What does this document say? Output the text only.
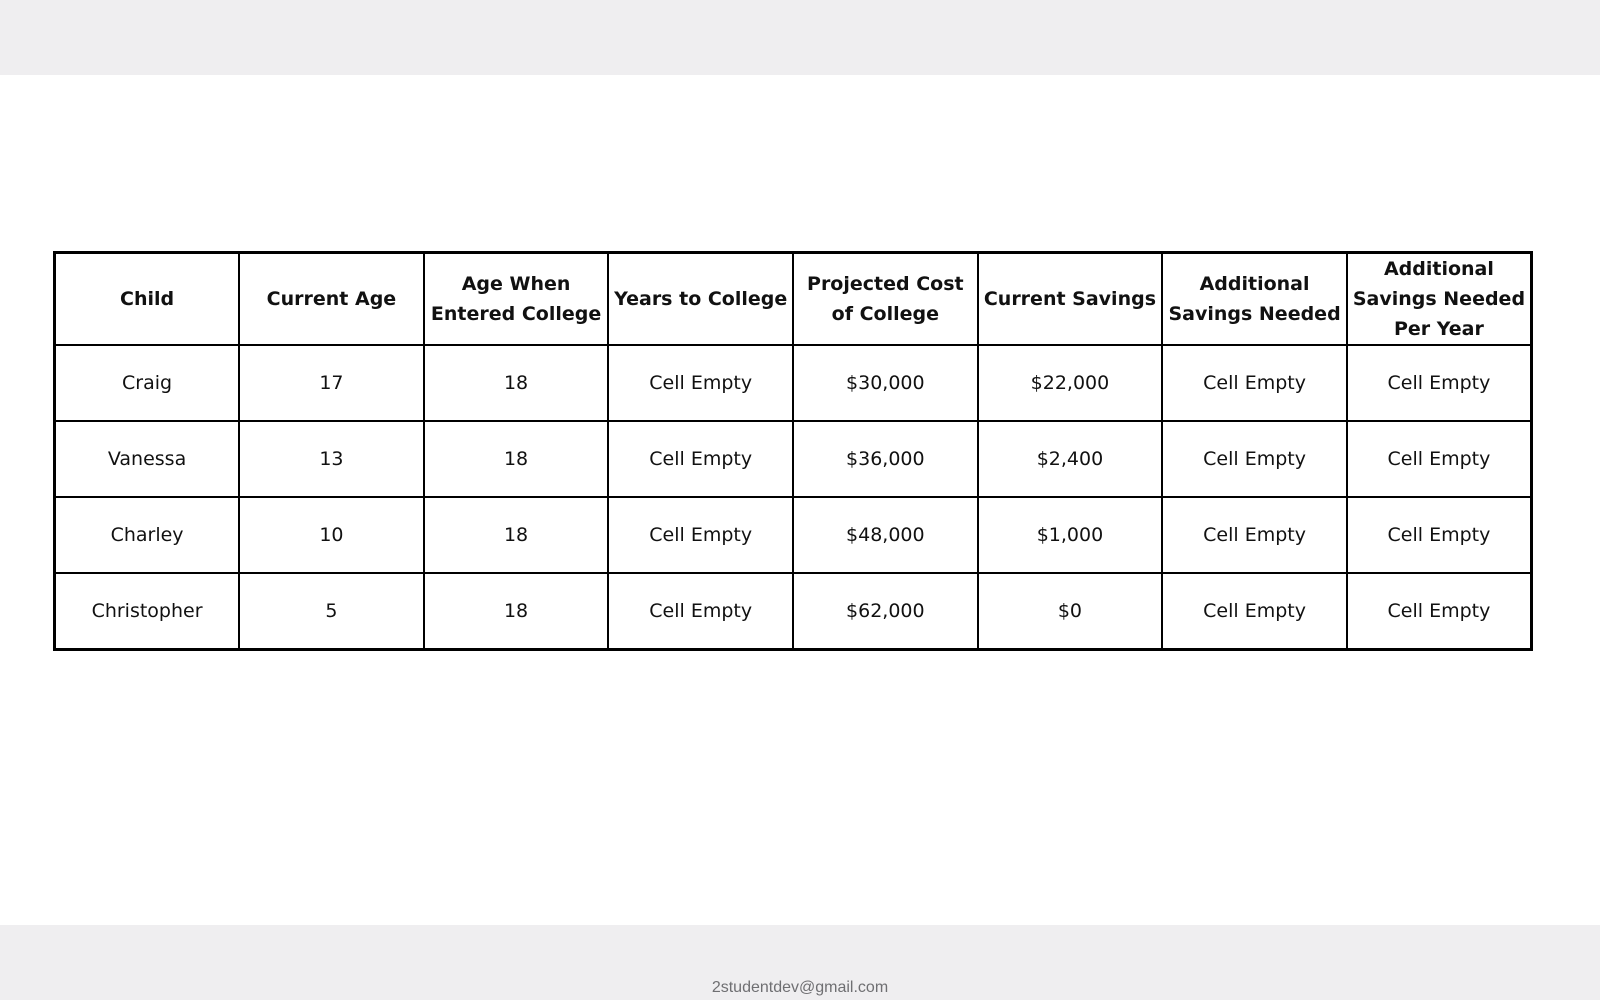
Child	Current Age	Age When Entered College	Years to College	Projected Cost of College	Current Savings	Additional Savings Needed	Additional Savings Needed Per Year
Craig	17	18	Cell Empty	$30,000	$22,000	Cell Empty	Cell Empty
Vanessa	13	18	Cell Empty	$36,000	$2,400	Cell Empty	Cell Empty
Charley	10	18	Cell Empty	$48,000	$1,000	Cell Empty	Cell Empty
Christopher	5	18	Cell Empty	$62,000	$0	Cell Empty	Cell Empty
2studentdev@gmail.com
